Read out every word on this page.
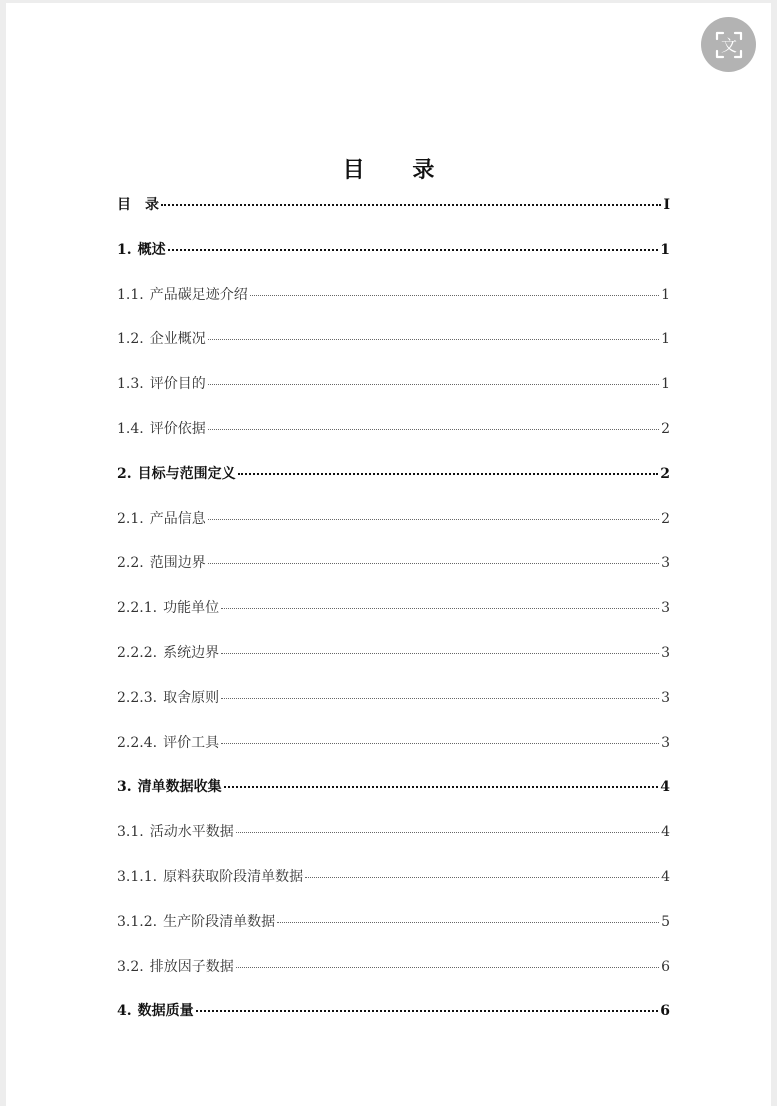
文
目 录
目 录	I
1. 概述	1
1.1. 产品碳足迹介绍	1
1.2. 企业概况	1
1.3. 评价目的	1
1.4. 评价依据	2
2. 目标与范围定义	2
2.1. 产品信息	2
2.2. 范围边界	3
2.2.1. 功能单位	3
2.2.2. 系统边界	3
2.2.3. 取舍原则	3
2.2.4. 评价工具	3
3. 清单数据收集	4
3.1. 活动水平数据	4
3.1.1. 原料获取阶段清单数据	4
3.1.2. 生产阶段清单数据	5
3.2. 排放因子数据	6
4. 数据质量	6
